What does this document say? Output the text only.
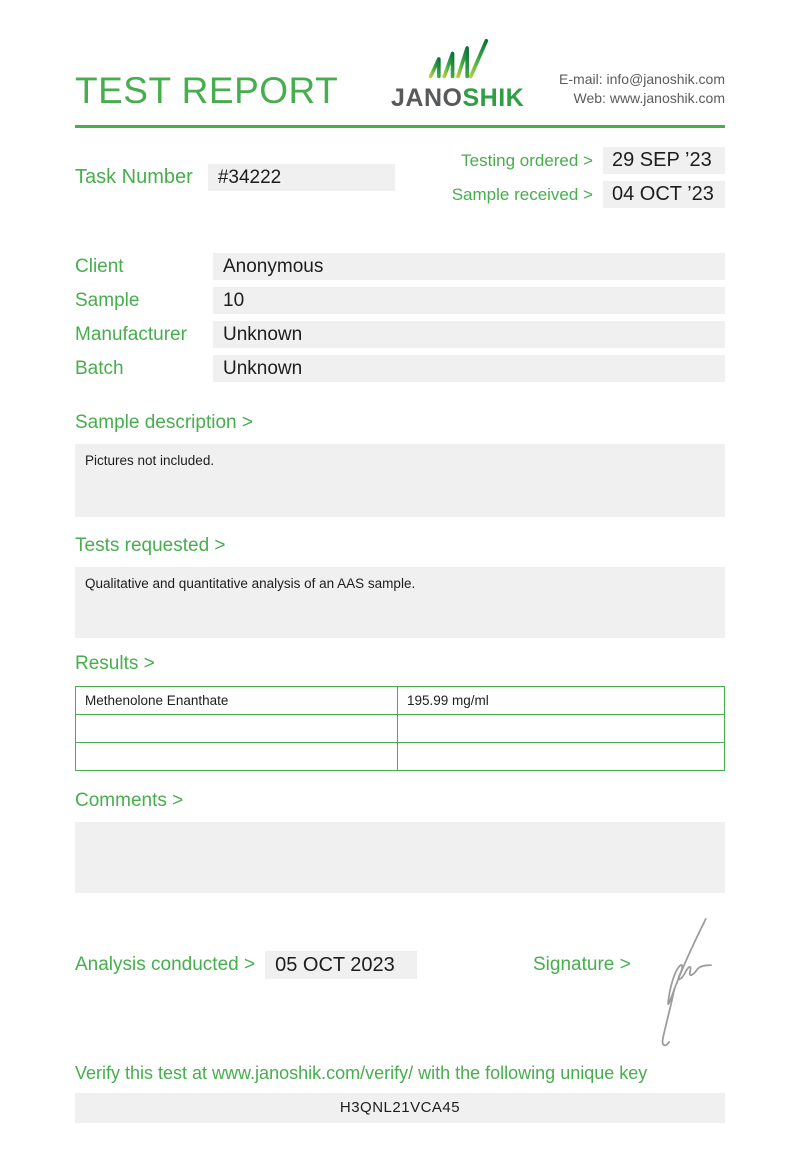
TEST REPORT JANOSHIK
E-mail: info@janoshik.com
Web: www.janoshik.com
Task Number	#34222
Testing ordered > 29 SEP ’23
Sample received > 04 OCT ’23
Client	Anonymous
Sample	10
Manufacturer	Unknown
Batch	Unknown
Sample description >
Pictures not included.
Tests requested >
Qualitative and quantitative analysis of an AAS sample.
Results >
Methenolone Enanthate	195.99 mg/ml

Comments >
Analysis conducted >	05 OCT 2023	Signature >
Verify this test at www.janoshik.com/verify/ with the following unique key
H3QNL21VCA45
